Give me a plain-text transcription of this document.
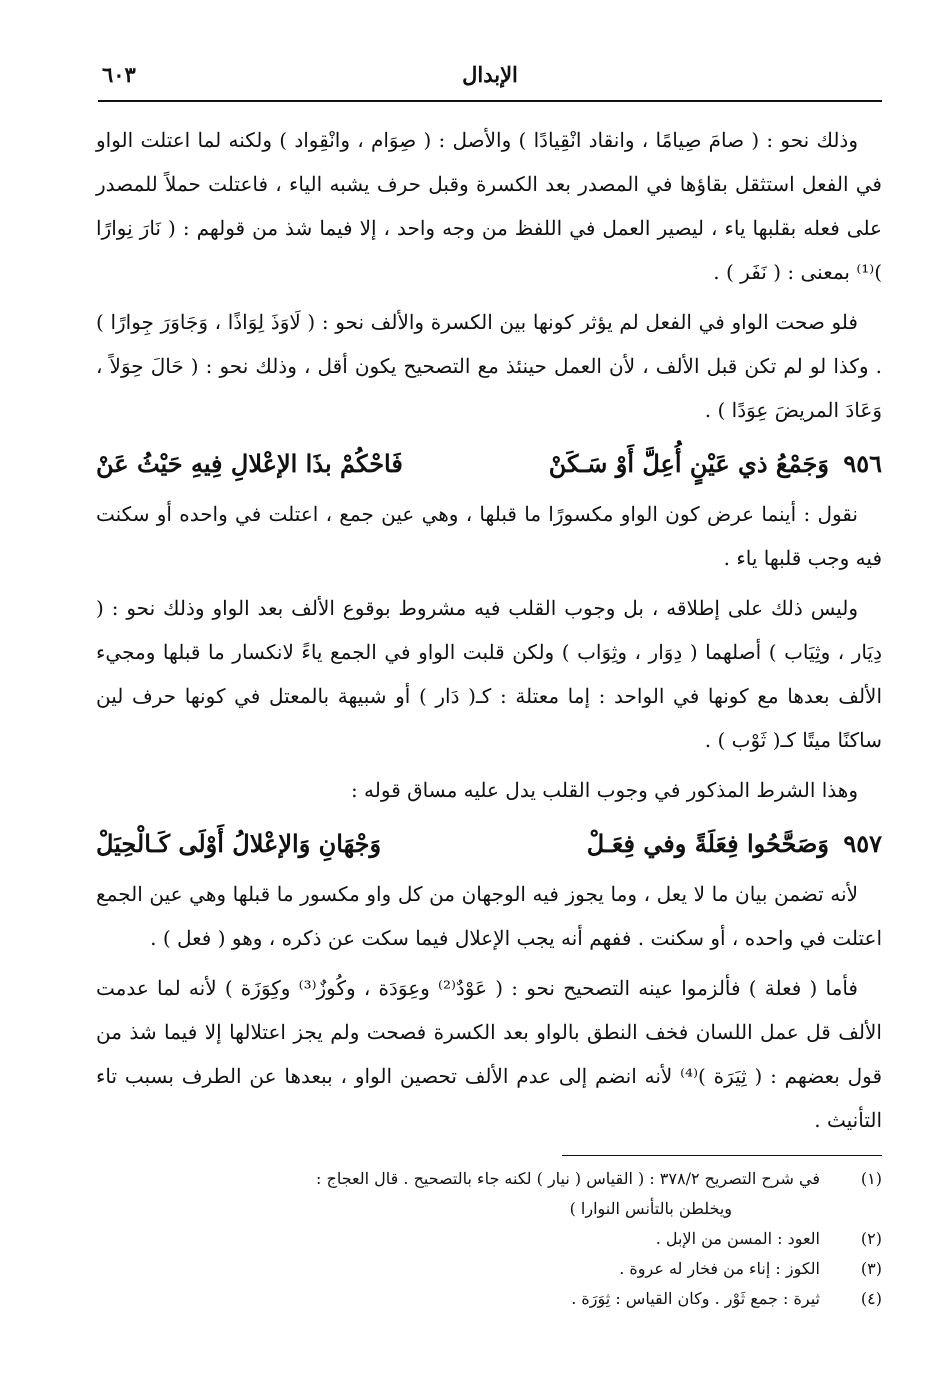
الإبدال
٦٠٣

وذلك نحو : ( صامَ صِيامًا ، وانقاد انْقِيادًا ) والأصل : ( صِوَام ، وانْقِواد ) ولكنه لما اعتلت الواو في الفعل استثقل بقاؤها في المصدر بعد الكسرة وقبل حرف يشبه الياء ، فاعتلت حملاً للمصدر على فعله بقلبها ياء ، ليصير العمل في اللفظ من وجه واحد ، إلا فيما شذ من قولهم : ( نَارَ نِوارًا )⁽¹⁾ بمعنى : ( نَفَر ) .

فلو صحت الواو في الفعل لم يؤثر كونها بين الكسرة والألف نحو : ( لَاوَذَ لِوَاذًا ، وَجَاوَرَ جِوارًا ) . وكذا لو لم تكن قبل الألف ، لأن العمل حينئذ مع التصحيح يكون أقل ، وذلك نحو : ( حَالَ حِوَلاً ، وَعَادَ المريضَ عِوَدًا ) .

٩٥٦ وَجَمْعُ ذي عَيْنٍ أُعِلَّ أَوْ سَـكَنْ
فَاحْكُمْ بذَا الإعْلالِ فِيهِ حَيْثُ عَنْ

نقول : أينما عرض كون الواو مكسورًا ما قبلها ، وهي عين جمع ، اعتلت في واحده أو سكنت فيه وجب قلبها ياء .

وليس ذلك على إطلاقه ، بل وجوب القلب فيه مشروط بوقوع الألف بعد الواو وذلك نحو : ( دِيَار ، وثِيَاب ) أصلهما ( دِوَار ، وثِوَاب ) ولكن قلبت الواو في الجمع ياءً لانكسار ما قبلها ومجيء الألف بعدها مع كونها في الواحد : إما معتلة : كـ( دَار ) أو شبيهة بالمعتل في كونها حرف لين ساكنًا ميتًا كـ( ثَوْب ) .

وهذا الشرط المذكور في وجوب القلب يدل عليه مساق قوله :

٩٥٧ وَصَحَّحُوا فِعَلَةً وفي فِعَـلْ
وَجْهَانِ وَالإعْلالُ أَوْلَى كَـالْحِيَلْ

لأنه تضمن بيان ما لا يعل ، وما يجوز فيه الوجهان من كل واو مكسور ما قبلها وهي عين الجمع اعتلت في واحده ، أو سكنت . ففهم أنه يجب الإعلال فيما سكت عن ذكره ، وهو ( فعل ) .

فأما ( فعلة ) فألزموا عينه التصحيح نحو : ( عَوْدٌ⁽²⁾ وعِوَدَة ، وكُوزٌ⁽³⁾ وكِوَزَة ) لأنه لما عدمت الألف قل عمل اللسان فخف النطق بالواو بعد الكسرة فصحت ولم يجز اعتلالها إلا فيما شذ من قول بعضهم : ( ثِيَرَة )⁽⁴⁾ لأنه انضم إلى عدم الألف تحصين الواو ، ببعدها عن الطرف بسبب تاء التأنيث .

(١)
في شرح التصريح ٣٧٨/٢ : ( القياس ( نيار ) لكنه جاء بالتصحيح . قال العجاج :
ويخلطن بالتأنس النوارا )
(٢)
العود : المسن من الإبل .
(٣)
الكوز : إناء من فخار له عروة .
(٤)
ثيرة : جمع ثَوْر . وكان القياس : ثِوَرَة .
